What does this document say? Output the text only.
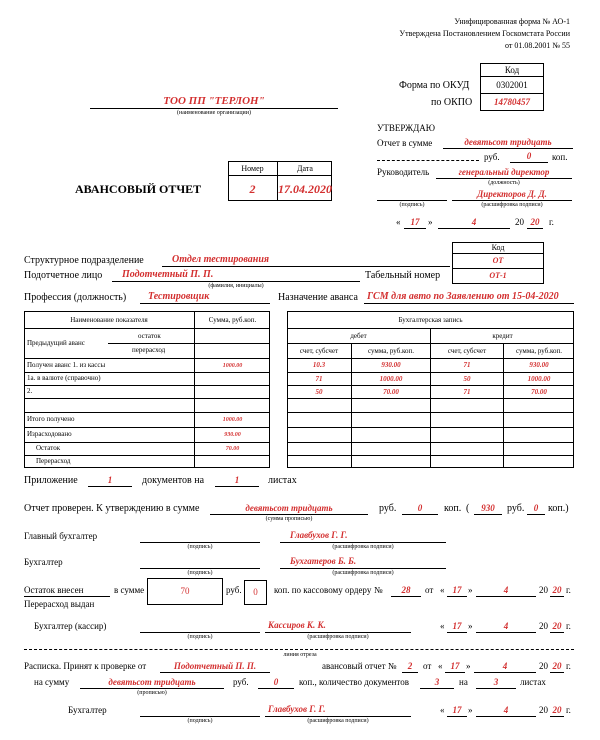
Унифицированная форма № АО-1
Утверждена Постановлением Госкомстата России
от 01.08.2001 № 55
Код
Форма по ОКУД	0302001
по ОКПО	14780457
ТОО ПП "ТЕРЛОН"
(наименование организации)
УТВЕРЖДАЮ
Отчет в сумме	девятьсот тридцать
руб.	0	коп.
Руководитель	генеральный директор
(должность)
Директоров Д. Д.
(подпись)	(расшифровка подписи)
«	17 »	4	20 20	г.
АВАНСОВЫЙ ОТЧЕТ
Номер	Дата
2	17.04.2020
Код
ОТ
ОТ-1
Структурное подразделение	Отдел тестирования
Подотчетное лицо Подотчетный П. П.
(фамилия, инициалы)
Табельный номер
Профессия (должность) Тестировщик	Назначение аванса ГСМ для авто по Заявлению от 15-04-2020
Наименование показателя	Сумма, руб.коп.
Предыдущий аванс
остаток
перерасход
Получен аванс 1. из кассы	1000.00
1а. в валюте (справочно)
2.
Итого получено	1000.00
Израсходовано	930.00
Остаток	70.00
Перерасход
Бухгалтерская запись
дебет	кредит
счет, субсчет	сумма, руб.коп.	счет, субсчет	сумма, руб.коп.
10.3	930.00	71	930.00
71	1000.00	50	1000.00
50	70.00	71	70.00
Приложение	1	документов на	1	листах
Отчет проверен. К утверждению в сумме	девятьсот тридцать
(сумма прописью)
руб.	0	коп. (	930	руб.	0 коп.)
Главный бухгалтер
(подпись)
Главбухов Г. Г.
(расшифровка подписи)
Бухгалтер
(подпись)
Бухгатеров Б. Б.
(расшифровка подписи)
Остаток внесен
Перерасход выдан
в сумме	70	руб.	0	коп. по кассовому ордеру №	28	от « 17 »	4	20 20 г.
Бухгалтер (кассир)
(подпись)
Кассиров К. К.
(расшифровка подписи)
« 17 »	4	20 20 г.
линия отреза
Расписка. Принят к проверке от	Подотчетный П. П.	авансовый отчет №	2	от « 17 »	4	20 20 г.
на сумму	девятьсот тридцать
(прописью)
руб.	0	коп., количество документов	3	на	3	листах
Бухгалтер
(подпись)
Главбухов Г. Г.
(расшифровка подписи)
« 17 »	4	20 20 г.
